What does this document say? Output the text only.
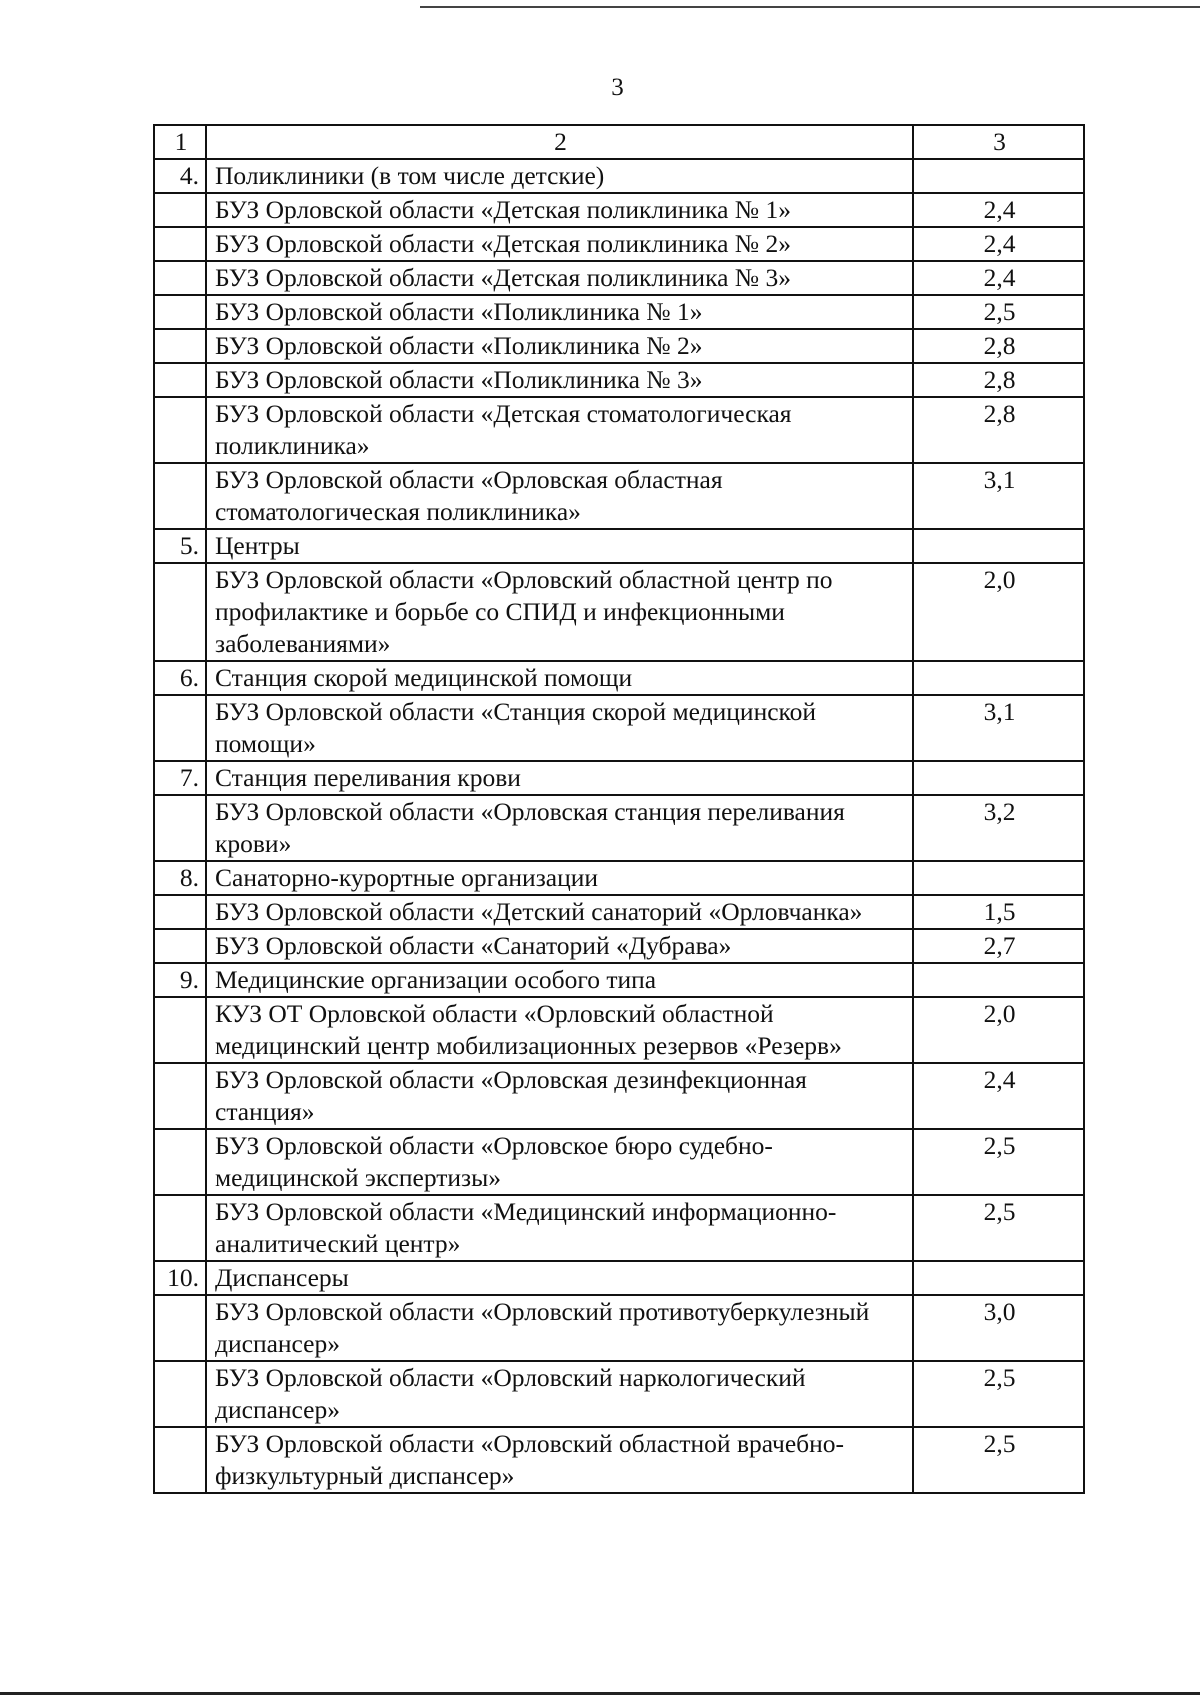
3
1	2	3
4.	Поликлиники (в том числе детские)	
	БУЗ Орловской области «Детская поликлиника № 1»	2,4
	БУЗ Орловской области «Детская поликлиника № 2»	2,4
	БУЗ Орловской области «Детская поликлиника № 3»	2,4
	БУЗ Орловской области «Поликлиника № 1»	2,5
	БУЗ Орловской области «Поликлиника № 2»	2,8
	БУЗ Орловской области «Поликлиника № 3»	2,8
	БУЗ Орловской области «Детская стоматологическая поликлиника»	2,8
	БУЗ Орловской области «Орловская областная стоматологическая поликлиника»	3,1
5.	Центры	
	БУЗ Орловской области «Орловский областной центр по профилактике и борьбе со СПИД и инфекционными заболеваниями»	2,0
6.	Станция скорой медицинской помощи	
	БУЗ Орловской области «Станция скорой медицинской помощи»	3,1
7.	Станция переливания крови	
	БУЗ Орловской области «Орловская станция переливания крови»	3,2
8.	Санаторно-курортные организации	
	БУЗ Орловской области «Детский санаторий «Орловчанка»	1,5
	БУЗ Орловской области «Санаторий «Дубрава»	2,7
9.	Медицинские организации особого типа	
	КУЗ ОТ Орловской области «Орловский областной медицинский центр мобилизационных резервов «Резерв»	2,0
	БУЗ Орловской области «Орловская дезинфекционная станция»	2,4
	БУЗ Орловской области «Орловское бюро судебно-медицинской экспертизы»	2,5
	БУЗ Орловской области «Медицинский информационно-аналитический центр»	2,5
10.	Диспансеры	
	БУЗ Орловской области «Орловский противотуберкулезный диспансер»	3,0
	БУЗ Орловской области «Орловский наркологический диспансер»	2,5
	БУЗ Орловской области «Орловский областной врачебно-физкультурный диспансер»	2,5
